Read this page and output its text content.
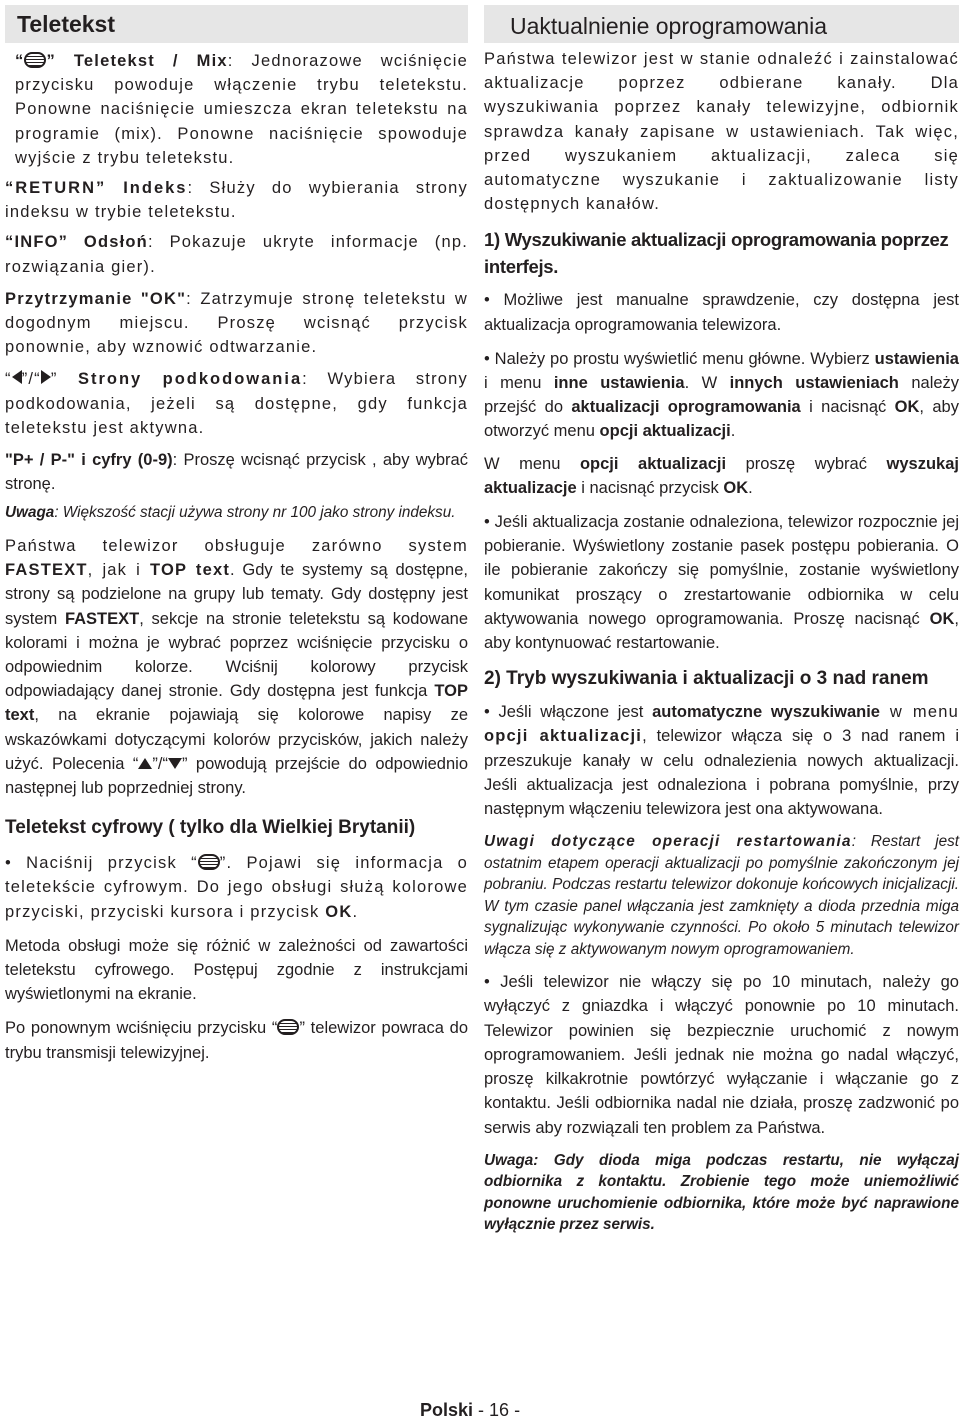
Teletekst

“ ” Teletekst / Mix: Jednorazowe wciśnięcie przycisku powoduje włączenie trybu teletekstu. Ponowne naciśnięcie umieszcza ekran teletekstu na programie (mix). Ponowne naciśnięcie spowoduje wyjście z trybu teletekstu.

“RETURN” Indeks: Służy do wybierania strony indeksu w trybie teletekstu.

“INFO” Odsłoń: Pokazuje ukryte informacje (np. rozwiązania gier).

Przytrzymanie "OK": Zatrzymuje stronę teletekstu w dogodnym miejscu. Proszę wcisnąć przycisk ponownie, aby wznowić odtwarzanie.

“ ”/“ ” Strony podkodowania: Wybiera strony podkodowania, jeżeli są dostępne, gdy funkcja teletekstu jest aktywna.

"P+ / P-" i cyfry (0-9): Proszę wcisnąć przycisk , aby wybrać stronę.

Uwaga: Większość stacji używa strony nr 100 jako strony indeksu.

Państwa telewizor obsługuje zarówno system FASTEXT, jak i TOP text. Gdy te systemy są dostępne, strony są podzielone na grupy lub tematy. Gdy dostępny jest system FASTEXT, sekcje na stronie teletekstu są kodowane kolorami i można je wybrać poprzez wciśnięcie przycisku o odpowiednim kolorze. Wciśnij kolorowy przycisk odpowiadający danej stronie. Gdy dostępna jest funkcja TOP text, na ekranie pojawiają się kolorowe napisy ze wskazówkami dotyczącymi kolorów przycisków, jakich należy użyć. Polecenia “ ”/“ ” powodują przejście do odpowiednio następnej lub poprzedniej strony.

Teletekst cyfrowy ( tylko dla Wielkiej Brytanii)

• Naciśnij przycisk “ ”. Pojawi się informacja o teletekście cyfrowym. Do jego obsługi służą kolorowe przyciski, przyciski kursora i przycisk OK.

Metoda obsługi może się różnić w zależności od zawartości teletekstu cyfrowego. Postępuj zgodnie z instrukcjami wyświetlonymi na ekranie.

Po ponownym wciśnięciu przycisku “ ” telewizor powraca do trybu transmisji telewizyjnej.

Uaktualnienie oprogramowania

Państwa telewizor jest w stanie odnaleźć i zainstalować aktualizacje poprzez odbierane kanały. Dla wyszukiwania poprzez kanały telewizyjne, odbiornik sprawdza kanały zapisane w ustawieniach. Tak więc, przed wyszukaniem aktualizacji, zaleca się automatyczne wyszukanie i zaktualizowanie listy dostępnych kanałów.

1) Wyszukiwanie aktualizacji oprogramowania poprzez interfejs.

• Możliwe jest manualne sprawdzenie, czy dostępna jest aktualizacja oprogramowania telewizora.

• Należy po prostu wyświetlić menu główne. Wybierz ustawienia i menu inne ustawienia. W innych ustawieniach należy przejść do aktualizacji oprogramowania i nacisnąć OK, aby otworzyć menu opcji aktualizacji.

W menu opcji aktualizacji proszę wybrać wyszukaj aktualizacje i nacisnąć przycisk OK.

• Jeśli aktualizacja zostanie odnaleziona, telewizor rozpocznie jej pobieranie. Wyświetlony zostanie pasek postępu pobierania. O ile pobieranie zakończy się pomyślnie, zostanie wyświetlony komunikat proszący o zrestartowanie odbiornika w celu aktywowania nowego oprogramowania. Proszę nacisnąć OK, aby kontynuować restartowanie.

2) Tryb wyszukiwania i aktualizacji o 3 nad ranem

• Jeśli włączone jest automatyczne wyszukiwanie w menu opcji aktualizacji, telewizor włącza się o 3 nad ranem i przeszukuje kanały w celu odnalezienia nowych aktualizacji. Jeśli aktualizacja jest odnaleziona i pobrana pomyślnie, przy następnym włączeniu telewizora jest ona aktywowana.

Uwagi dotyczące operacji restartowania: Restart jest ostatnim etapem operacji aktualizacji po pomyślnie zakończonym jej pobraniu. Podczas restartu telewizor dokonuje końcowych inicjalizacji. W tym czasie panel włączania jest zamknięty a dioda przednia miga sygnalizując wykonywanie czynności. Po około 5 minutach telewizor włącza się z aktywowanym nowym oprogramowaniem.

• Jeśli telewizor nie włączy się po 10 minutach, należy go wyłączyć z gniazdka i włączyć ponownie po 10 minutach. Telewizor powinien się bezpiecznie uruchomić z nowym oprogramowaniem. Jeśli jednak nie można go nadal włączyć, proszę kilkakrotnie powtórzyć wyłączanie i włączanie go z kontaktu. Jeśli odbiornika nadal nie działa, proszę zadzwonić po serwis aby rozwiązali ten problem za Państwa.

Uwaga: Gdy dioda miga podczas restartu, nie wyłączaj odbiornika z kontaktu. Zrobienie tego może uniemożliwić ponowne uruchomienie odbiornika, które może być naprawione wyłącznie przez serwis.

Polski - 16 -
